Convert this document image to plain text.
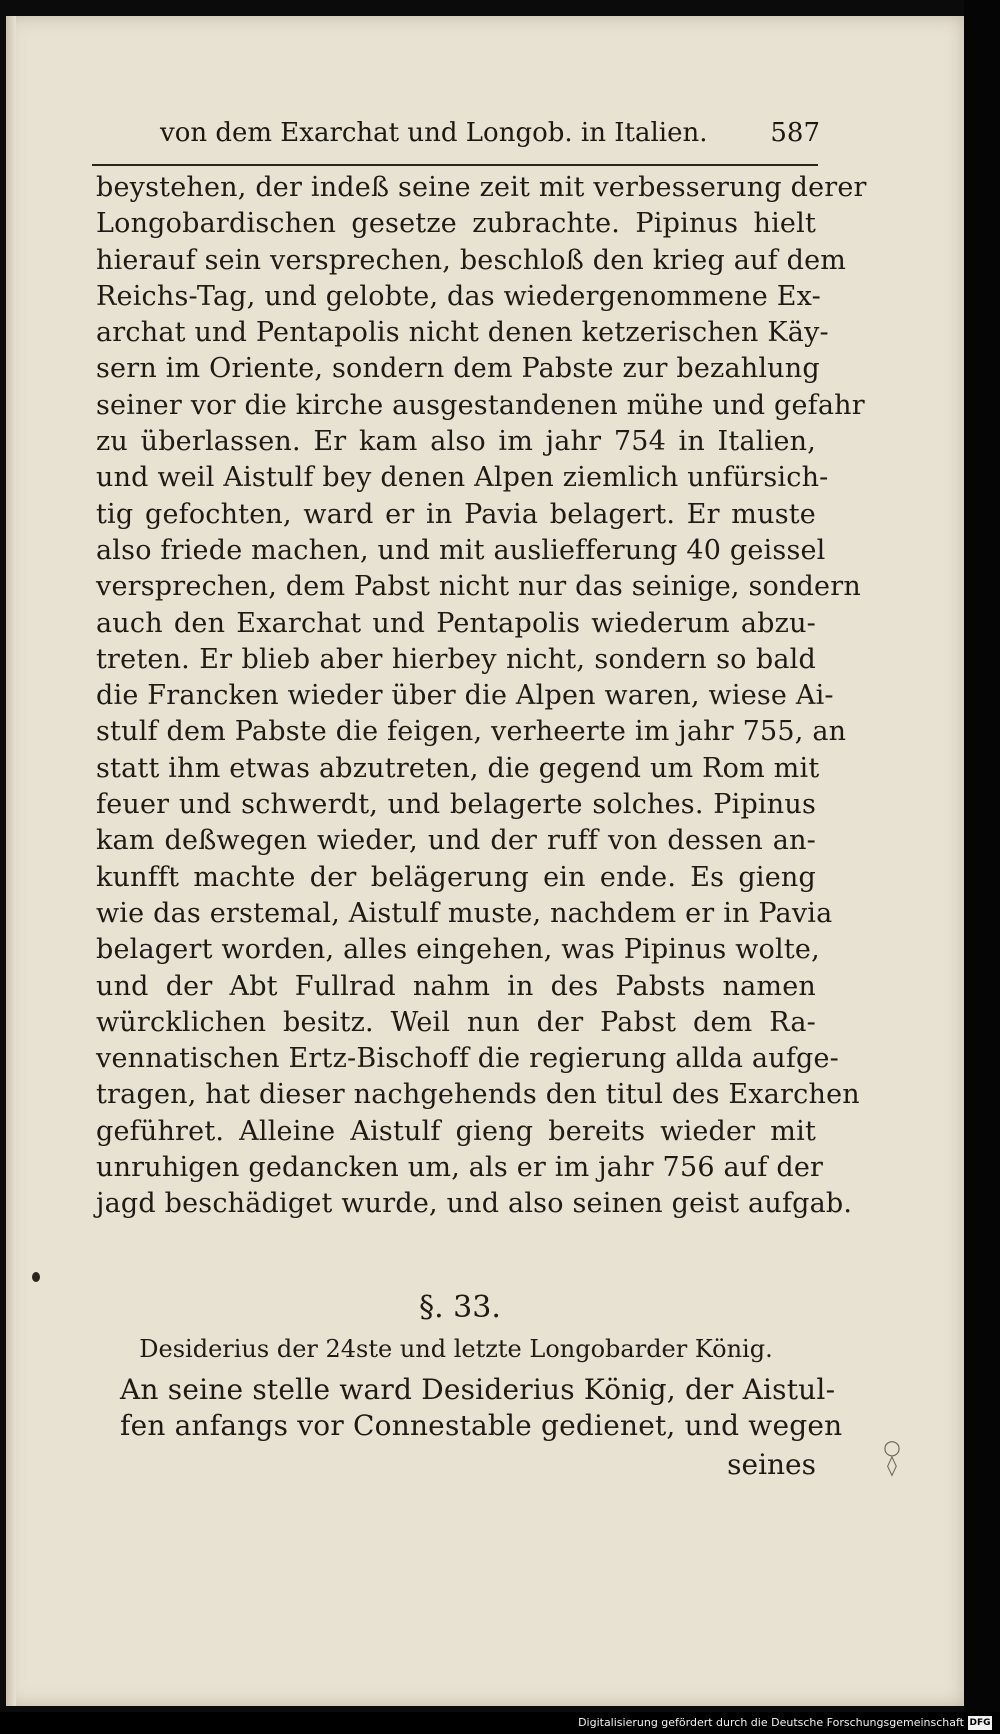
von dem Exarchat und Longob. in Italien. 587
beystehen, der indeß seine zeit mit verbesserung derer
Longobardischen gesetze zubrachte. Pipinus hielt
hierauf sein versprechen, beschloß den krieg auf dem
Reichs-Tag, und gelobte, das wiedergenommene Ex-
archat und Pentapolis nicht denen ketzerischen Käy-
sern im Oriente, sondern dem Pabste zur bezahlung
seiner vor die kirche ausgestandenen mühe und gefahr
zu überlassen. Er kam also im jahr 754 in Italien,
und weil Aistulf bey denen Alpen ziemlich unfürsich-
tig gefochten, ward er in Pavia belagert. Er muste
also friede machen, und mit ausliefferung 40 geissel
versprechen, dem Pabst nicht nur das seinige, sondern
auch den Exarchat und Pentapolis wiederum abzu-
treten. Er blieb aber hierbey nicht, sondern so bald
die Francken wieder über die Alpen waren, wiese Ai-
stulf dem Pabste die feigen, verheerte im jahr 755, an
statt ihm etwas abzutreten, die gegend um Rom mit
feuer und schwerdt, und belagerte solches. Pipinus
kam deßwegen wieder, und der ruff von dessen an-
kunfft machte der belägerung ein ende. Es gieng
wie das erstemal, Aistulf muste, nachdem er in Pavia
belagert worden, alles eingehen, was Pipinus wolte,
und der Abt Fullrad nahm in des Pabsts namen
würcklichen besitz. Weil nun der Pabst dem Ra-
vennatischen Ertz-Bischoff die regierung allda aufge-
tragen, hat dieser nachgehends den titul des Exarchen
geführet. Alleine Aistulf gieng bereits wieder mit
unruhigen gedancken um, als er im jahr 756 auf der
jagd beschädiget wurde, und also seinen geist aufgab.
§. 33.
Desiderius der 24ste und letzte Longobarder König.
An seine stelle ward Desiderius König, der Aistul-
fen anfangs vor Connestable gedienet, und wegen
seines
○
◊
Digitalisierung gefördert durch die Deutsche Forschungsgemeinschaft DFG
